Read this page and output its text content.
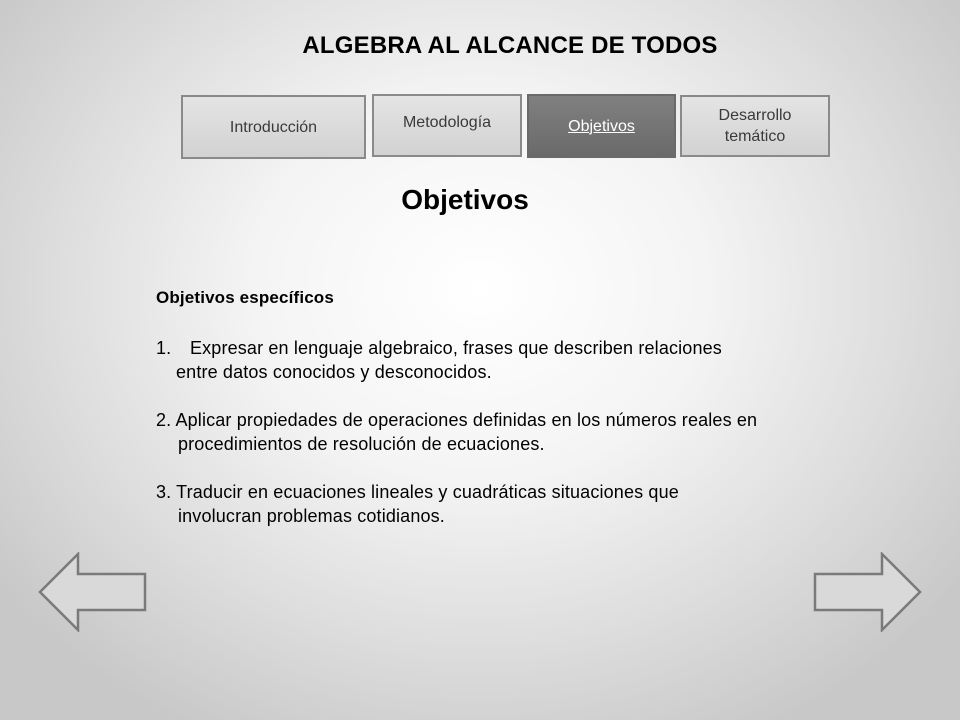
ALGEBRA AL ALCANCE DE TODOS
Introducción	Metodología	Objetivos
Desarrollo
temático
Objetivos
Objetivos específicos

1. Expresar en lenguaje algebraico, frases que describen relaciones
entre datos conocidos y desconocidos.

2. Aplicar propiedades de operaciones definidas en los números reales en
procedimientos de resolución de ecuaciones.

3. Traducir en ecuaciones lineales y cuadráticas situaciones que
involucran problemas cotidianos.
